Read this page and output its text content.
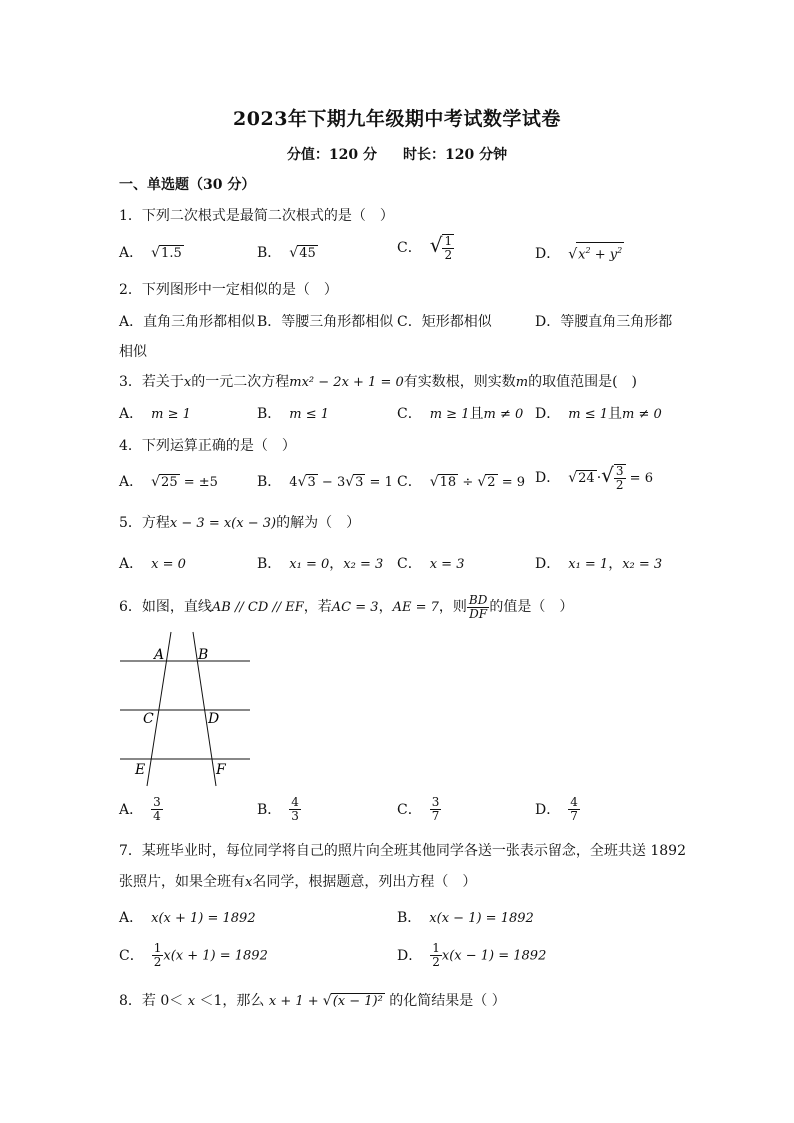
2023年下期九年级期中考试数学试卷
分值：120 分 时长：120 分钟
一、单选题（30 分）
1．下列二次根式是最简二次根式的是（　）
A． √1.5	B． √45	C． √ $\frac{1}{2}$	D． $√x^2 + y^2$
2．下列图形中一定相似的是（　）
A．直角三角形都相似 B．等腰三角形都相似 C．矩形都相似	D．等腰直角三角形都
相似
3．若关于x的一元二次方程mx² − 2x + 1 = 0有实数根，则实数m的取值范围是(　)
A． m ≥ 1	B． m ≤ 1	C． m ≥ 1且m ≠ 0 D． m ≤ 1且m ≠ 0
4．下列运算正确的是（　）
A． √25 = ±5	B． 4√3 − 3√3 = 1 C． √18 ÷ √2 = 9 D． √24 ·√ $\frac{3}{2} = 6$
5．方程x − 3 = x(x − 3)的解为（　）
A． x = 0	B． x₁ = 0，x₂ = 3 C． x = 3	D． x₁ = 1，x₂ = 3
6．如图，直线AB // CD // EF，若AC = 3，AE = 7，则 $\frac{BD}{DF}$ 的值是（　）
A B
C	D
E	F
A． $\frac{3}{4}$	B． $\frac{4}{3}$	C． $\frac{3}{7}$	D． $\frac{4}{7}$
7．某班毕业时，每位同学将自己的照片向全班其他同学各送一张表示留念，全班共送 1892
张照片，如果全班有x名同学，根据题意，列出方程（　）
A． x(x + 1) = 1892	B． x(x − 1) = 1892
C． $\frac{1}{2} x(x + 1) = 1892$	D． $\frac{1}{2} x(x - 1) = 1892$
8．若 0＜ x ＜1，那么 x + 1 + √(x − 1)² 的化简结果是（ ）
